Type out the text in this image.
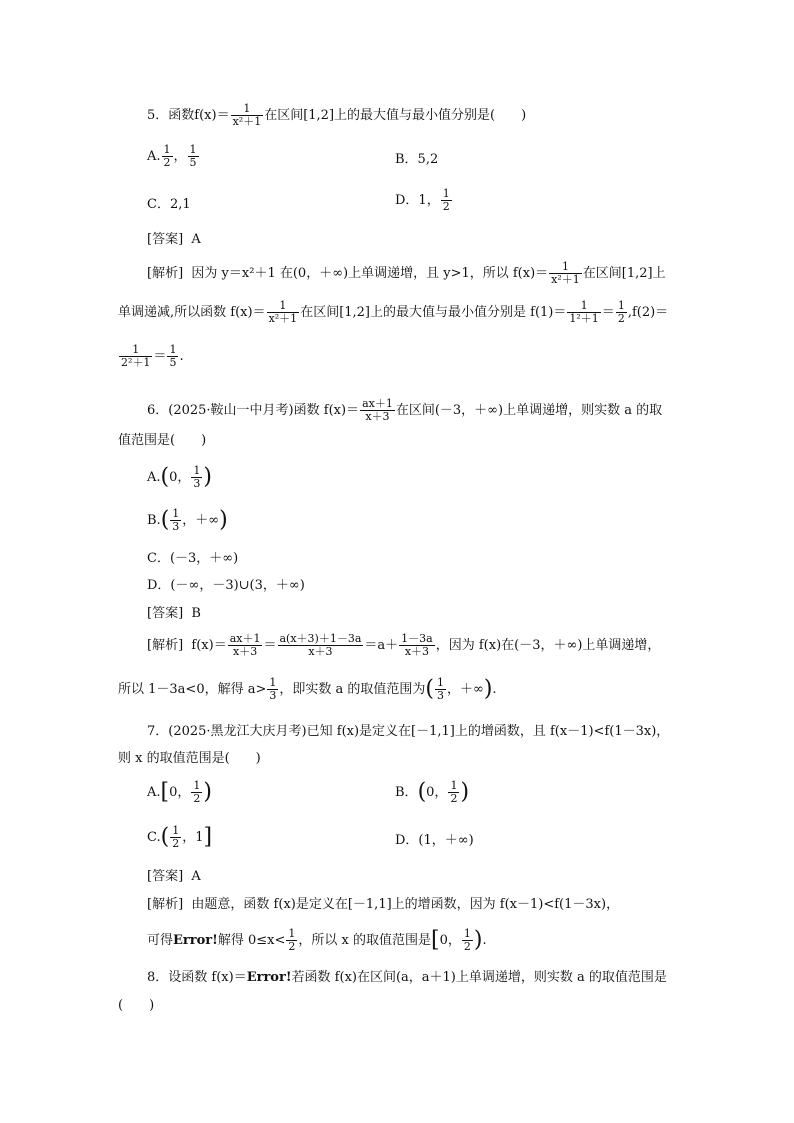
5．函数$f(x)= \frac{1}{\text{x²＋1}}$ 在区间[1,2]上的最大值与最小值分别是(　　)
A. $\frac{1}{2}$ ， $\frac{1}{5}$	B．5,2
C．2,1	D．1， $\frac{1}{2}$
[答案] A
[解析] 因为 y＝x²＋1 在(0，＋∞)上单调递增，且 y>1，所以 $f(x)= \frac{1}{\text{x²＋1}}$ 在区间[1,2]上
单调递减,所以函数 $f(x)= \frac{1}{\text{x²＋1}}$ 在区间[1,2]上的最大值与最小值分别是 $f(1)= \frac{1}{\text{1²＋1}} = \frac{1}{2} ,f(2)=$
$\frac{1}{\text{2²＋1}} = \frac{1}{5}$ .
6．(2025·鞍山一中月考)函数 $f(x)= \frac{ax+1}{x+3}$ 在区间(－3，＋∞)上单调递增，则实数 a 的取
值范围是(　　)
A.(0， $\frac{1}{3}$ )
$B.( \frac{1}{3}$ ，＋∞)
C．(－3，＋∞)
D．(－∞，－3)∪(3，＋∞)
[答案] B
[解析] $f(x)= \frac{ax+1}{x+3} = \frac{a(x+3)+1-3a}{x+3} =a+ \frac{1-3a}{x+3}$ ，因为 f(x)在(－3，＋∞)上单调递增，
所以 1－3a<0，解得 $a> \frac{1}{3}$ ，即实数 a 的取值范围为( $\frac{1}{3}$ ，＋∞).
7．(2025·黑龙江大庆月考)已知 f(x)是定义在[－1,1]上的增函数，且 f(x－1)<f(1－3x)，
则 x 的取值范围是(　　)
A.[0， $\frac{1}{2}$ )	B．(0， $\frac{1}{2}$ )
$C.( \frac{1}{2}$ ，1]	D．(1，＋∞)
[答案] A
[解析] 由题意，函数 f(x)是定义在[－1,1]上的增函数，因为 f(x－1)<f(1－3x)，
可得Error!解得 $0\le x< \frac{1}{2}$ ，所以 x 的取值范围是[0， $\frac{1}{2}$ ).
8．设函数 f(x)＝Error!若函数 f(x)在区间(a，a＋1)上单调递增，则实数 a 的取值范围是
(　　)
